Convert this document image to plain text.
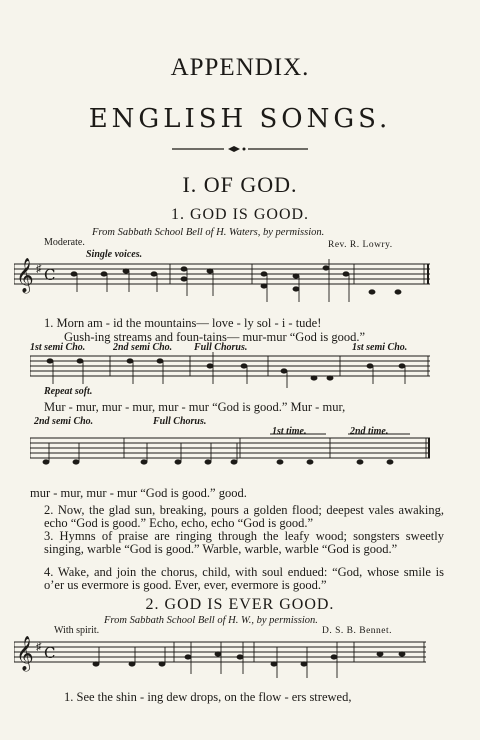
APPENDIX.
ENGLISH SONGS.
I. OF GOD.
1. GOD IS GOOD.
From Sabbath School Bell of H. Waters, by permission.
Moderate.	Rev. R. Lowry.
Single voices.
𝄞 ♯ C
1. Morn am - id the mountains— love - ly sol - i - tude!
Gush-ing streams and foun-tains— mur-mur “God is good.”
1st semi Cho.	2nd semi Cho. Full Chorus.	1st semi Cho.
Repeat soft.
Mur - mur, mur - mur, mur - mur “God is good.” Mur - mur,
2nd semi Cho.	Full Chorus.
1st time.	2nd time.
mur - mur, mur - mur “God is good.” good.
2. Now, the glad sun, breaking, pours a golden flood; deepest vales awaking, echo “God is good.” Echo, echo, echo “God is good.”
3. Hymns of praise are ringing through the leafy wood; songsters sweetly singing, warble “God is good.” Warble, warble, warble “God is good.”
4. Wake, and join the chorus, child, with soul endued: “God, whose smile is o’er us evermore is good. Ever, ever, evermore is good.”
2. GOD IS EVER GOOD.
From Sabbath School Bell of H. W., by permission.
With spirit.	D. S. B. Bennet.
𝄞 ♯ C
1. See the shin - ing dew drops, on the flow - ers strewed,
